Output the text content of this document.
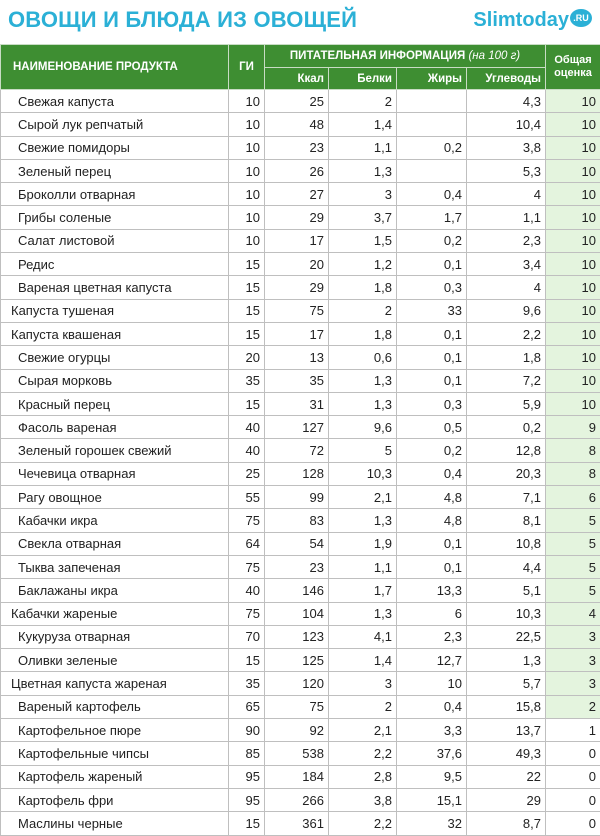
ОВОЩИ И БЛЮДА ИЗ ОВОЩЕЙ	Slimtoday .RU
НАИМЕНОВАНИЕ ПРОДУКТА	ГИ	ПИТАТЕЛЬНАЯ ИНФОРМАЦИЯ (на 100 г)				Общая оценка
		Ккал	Белки	Жиры	Углеводы	
Свежая капуста	10	25	2		4,3	10
Сырой лук репчатый	10	48	1,4		10,4	10
Свежие помидоры	10	23	1,1	0,2	3,8	10
Зеленый перец	10	26	1,3		5,3	10
Броколли отварная	10	27	3	0,4	4	10
Грибы соленые	10	29	3,7	1,7	1,1	10
Салат листовой	10	17	1,5	0,2	2,3	10
Редис	15	20	1,2	0,1	3,4	10
Вареная цветная капуста	15	29	1,8	0,3	4	10
Капуста тушеная	15	75	2	33	9,6	10
Капуста квашеная	15	17	1,8	0,1	2,2	10
Свежие огурцы	20	13	0,6	0,1	1,8	10
Сырая морковь	35	35	1,3	0,1	7,2	10
Красный перец	15	31	1,3	0,3	5,9	10
Фасоль вареная	40	127	9,6	0,5	0,2	9
Зеленый горошек свежий	40	72	5	0,2	12,8	8
Чечевица отварная	25	128	10,3	0,4	20,3	8
Рагу овощное	55	99	2,1	4,8	7,1	6
Кабачки икра	75	83	1,3	4,8	8,1	5
Свекла отварная	64	54	1,9	0,1	10,8	5
Тыква запеченая	75	23	1,1	0,1	4,4	5
Баклажаны икра	40	146	1,7	13,3	5,1	5
Кабачки жареные	75	104	1,3	6	10,3	4
Кукуруза отварная	70	123	4,1	2,3	22,5	3
Оливки зеленые	15	125	1,4	12,7	1,3	3
Цветная капуста жареная	35	120	3	10	5,7	3
Вареный картофель	65	75	2	0,4	15,8	2
Картофельное пюре	90	92	2,1	3,3	13,7	1
Картофельные чипсы	85	538	2,2	37,6	49,3	0
Картофель жареный	95	184	2,8	9,5	22	0
Картофель фри	95	266	3,8	15,1	29	0
Маслины черные	15	361	2,2	32	8,7	0
